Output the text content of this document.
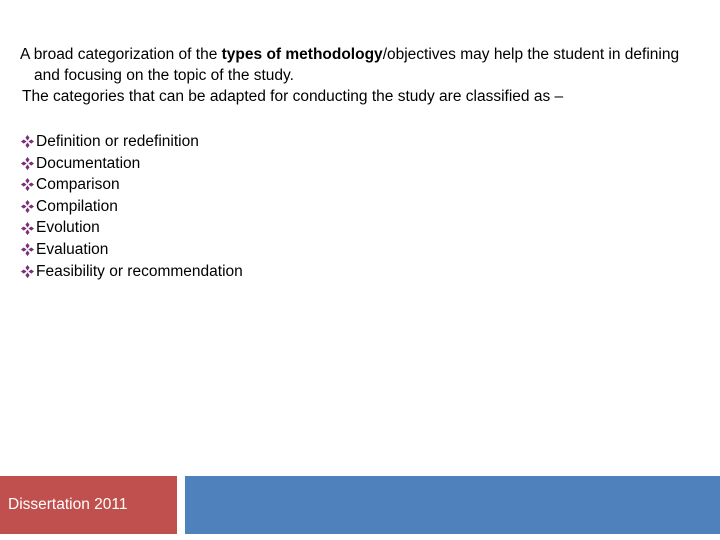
A broad categorization of the types of methodology/objectives may help the student in defining and focusing on the topic of the study.

The categories that can be adapted for conducting the study are classified as –

Definition or redefinition
Documentation
Comparison
Compilation
Evolution
Evaluation
Feasibility or recommendation
Dissertation 2011
